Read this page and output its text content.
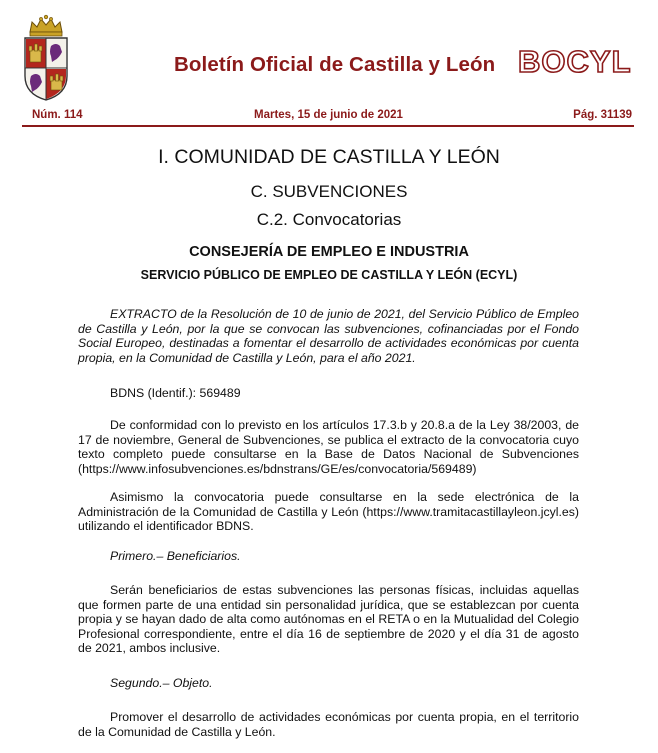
Boletín Oficial de Castilla y León BOCYL
Núm. 114	Martes, 15 de junio de 2021	Pág. 31139
I. COMUNIDAD DE CASTILLA Y LEÓN
C. SUBVENCIONES
C.2. Convocatorias
CONSEJERÍA DE EMPLEO E INDUSTRIA
SERVICIO PÚBLICO DE EMPLEO DE CASTILLA Y LEÓN (ECYL)

EXTRACTO de la Resolución de 10 de junio de 2021, del Servicio Público de Empleo de Castilla y León, por la que se convocan las subvenciones, cofinanciadas por el Fondo Social Europeo, destinadas a fomentar el desarrollo de actividades económicas por cuenta propia, en la Comunidad de Castilla y León, para el año 2021.

BDNS (Identif.): 569489

De conformidad con lo previsto en los artículos 17.3.b y 20.8.a de la Ley 38/2003, de 17 de noviembre, General de Subvenciones, se publica el extracto de la convocatoria cuyo texto completo puede consultarse en la Base de Datos Nacional de Subvenciones (https://www.infosubvenciones.es/bdnstrans/GE/es/convocatoria/569489)

Asimismo la convocatoria puede consultarse en la sede electrónica de la Administración de la Comunidad de Castilla y León (https://www.tramitacastillayleon.jcyl.es) utilizando el identificador BDNS.

Primero.– Beneficiarios.

Serán beneficiarios de estas subvenciones las personas físicas, incluidas aquellas que formen parte de una entidad sin personalidad jurídica, que se establezcan por cuenta propia y se hayan dado de alta como autónomas en el RETA o en la Mutualidad del Colegio Profesional correspondiente, entre el día 16 de septiembre de 2020 y el día 31 de agosto de 2021, ambos inclusive.

Segundo.– Objeto.

Promover el desarrollo de actividades económicas por cuenta propia, en el territorio de la Comunidad de Castilla y León.
